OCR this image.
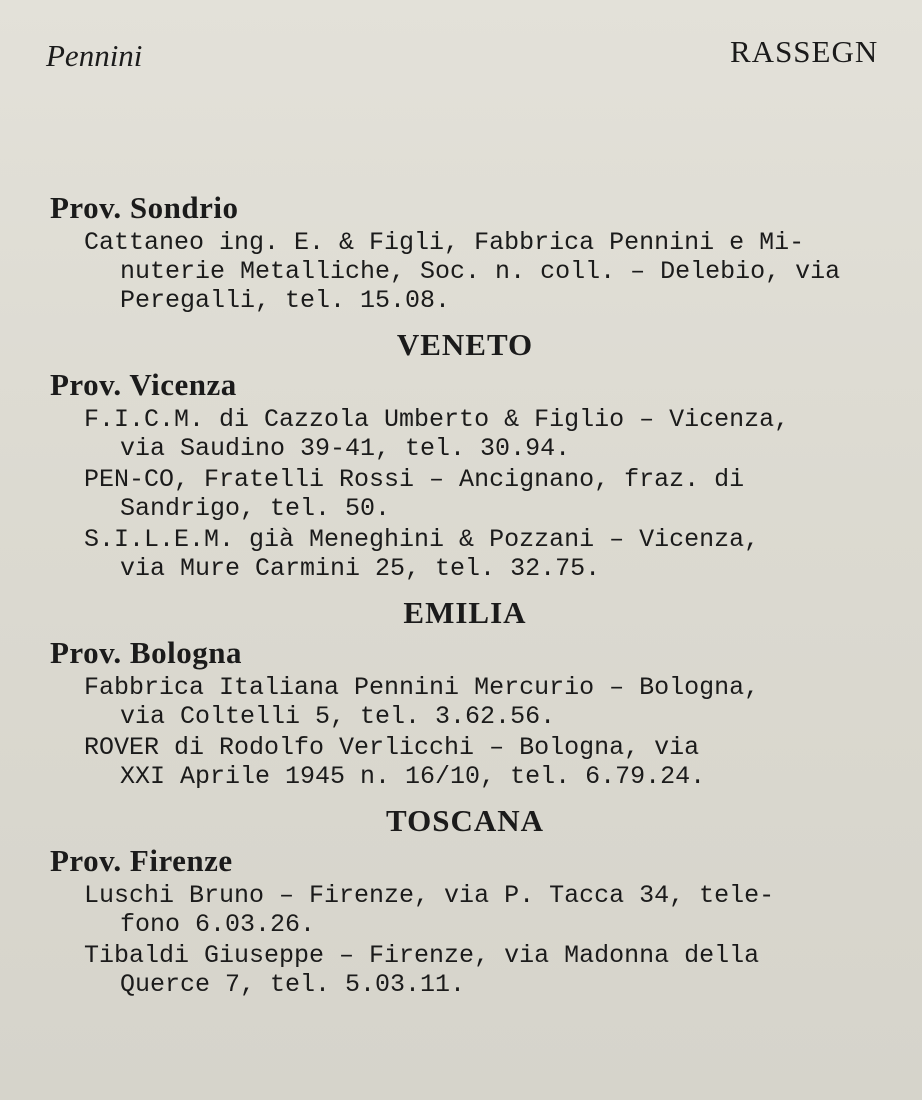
Pennini	RASSEGN
Prov. Sondrio
Cattaneo ing. E. & Figli, Fabbrica Pennini e Mi-
nuterie Metalliche, Soc. n. coll. – Delebio, via
Peregalli, tel. 15.08.
VENETO
Prov. Vicenza
F.I.C.M. di Cazzola Umberto & Figlio – Vicenza,
via Saudino 39-41, tel. 30.94.
PEN-CO, Fratelli Rossi – Ancignano, fraz. di
Sandrigo, tel. 50.
S.I.L.E.M. già Meneghini & Pozzani – Vicenza,
via Mure Carmini 25, tel. 32.75.
EMILIA
Prov. Bologna
Fabbrica Italiana Pennini Mercurio – Bologna,
via Coltelli 5, tel. 3.62.56.
ROVER di Rodolfo Verlicchi – Bologna, via
XXI Aprile 1945 n. 16/10, tel. 6.79.24.
TOSCANA
Prov. Firenze
Luschi Bruno – Firenze, via P. Tacca 34, tele-
fono 6.03.26.
Tibaldi Giuseppe – Firenze, via Madonna della
Querce 7, tel. 5.03.11.
